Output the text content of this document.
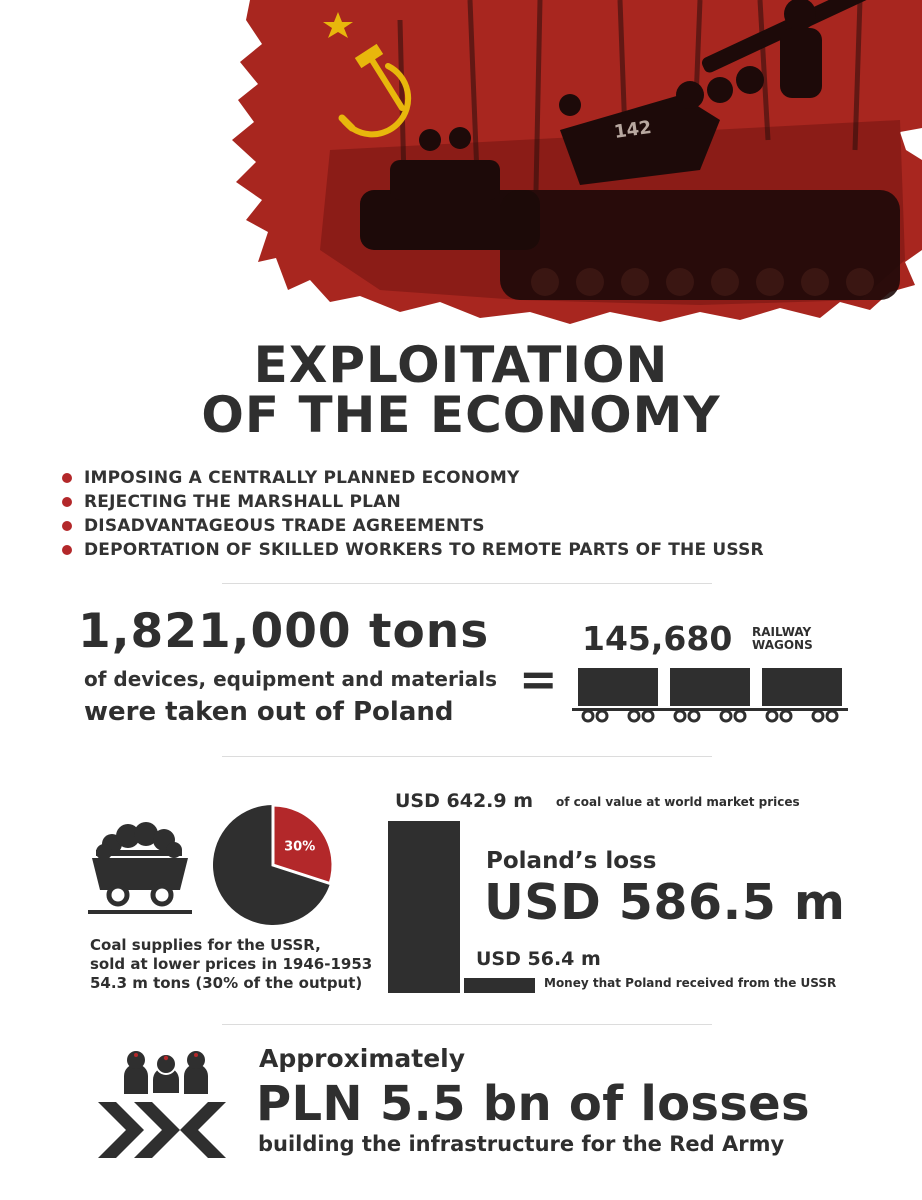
142
EXPLOITATION
OF THE ECONOMY
IMPOSING A CENTRALLY PLANNED ECONOMY
REJECTING THE MARSHALL PLAN
DISADVANTAGEOUS TRADE AGREEMENTS
DEPORTATION OF SKILLED WORKERS TO REMOTE PARTS OF THE USSR
1,821,000 tons
of devices, equipment and materials
were taken out of Poland
=
145,680 RAILWAY
WAGONS
30%
Coal supplies for the USSR,
sold at lower prices in 1946-1953
54.3 m tons (30% of the output)
USD 642.9 m of coal value at world market prices
Poland’s loss
USD 586.5 m
USD 56.4 m
Money that Poland received from the USSR
Approximately
PLN 5.5 bn of losses
building the infrastructure for the Red Army
